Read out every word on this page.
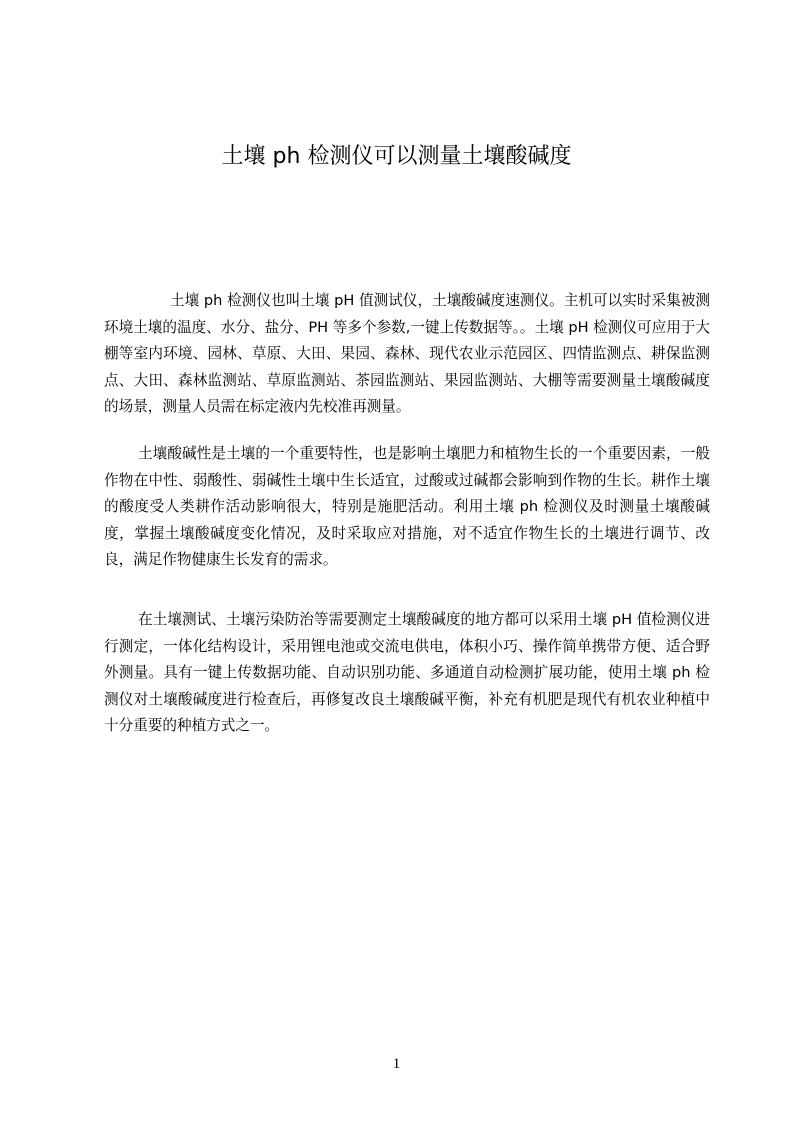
土壤 ph 检测仪可以测量土壤酸碱度

土壤 ph 检测仪也叫土壤 pH 值测试仪，土壤酸碱度速测仪。主机可以实时采集被测环境土壤的温度、水分、盐分、PH 等多个参数,一键上传数据等。。土壤 pH 检测仪可应用于大棚等室内环境、园林、草原、大田、果园、森林、现代农业示范园区、四情监测点、耕保监测点、大田、森林监测站、草原监测站、茶园监测站、果园监测站、大棚等需要测量土壤酸碱度的场景，测量人员需在标定液内先校准再测量。

土壤酸碱性是土壤的一个重要特性，也是影响土壤肥力和植物生长的一个重要因素，一般作物在中性、弱酸性、弱碱性土壤中生长适宜，过酸或过碱都会影响到作物的生长。耕作土壤的酸度受人类耕作活动影响很大，特别是施肥活动。利用土壤 ph 检测仪及时测量土壤酸碱度，掌握土壤酸碱度变化情况，及时采取应对措施，对不适宜作物生长的土壤进行调节、改良，满足作物健康生长发育的需求。

在土壤测试、土壤污染防治等需要测定土壤酸碱度的地方都可以采用土壤 pH 值检测仪进行测定，一体化结构设计，采用锂电池或交流电供电，体积小巧、操作简单携带方便、适合野外测量。具有一键上传数据功能、自动识别功能、多通道自动检测扩展功能，使用土壤 ph 检测仪对土壤酸碱度进行检查后，再修复改良土壤酸碱平衡，补充有机肥是现代有机农业种植中十分重要的种植方式之一。

1
